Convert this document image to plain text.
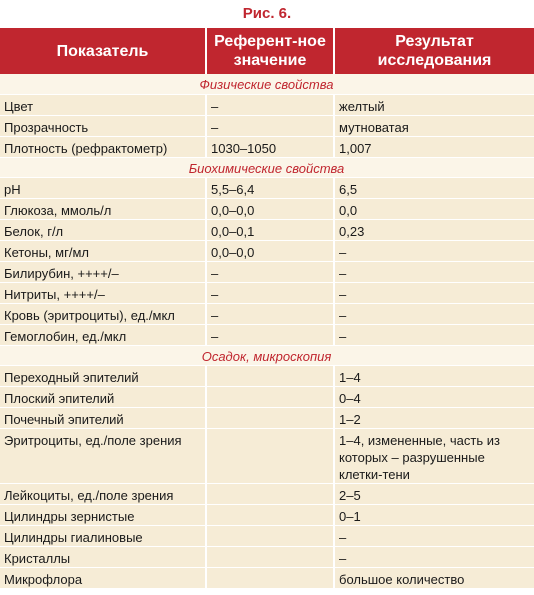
Рис. 6.
Показатель	Референт-ное значение	Результат исследования
Физические свойства		
Цвет	–	желтый
Прозрачность	–	мутноватая
Плотность (рефрактометр)	1030–1050	1,007
Биохимические свойства		
pH	5,5–6,4	6,5
Глюкоза, ммоль/л	0,0–0,0	0,0
Белок, г/л	0,0–0,1	0,23
Кетоны, мг/мл	0,0–0,0	–
Билирубин, ++++/–	–	–
Нитриты, ++++/–	–	–
Кровь (эритроциты), ед./мкл	–	–
Гемоглобин, ед./мкл	–	–
Осадок, микроскопия		
Переходный эпителий		1–4
Плоский эпителий		0–4
Почечный эпителий		1–2
Эритроциты, ед./поле зрения		1–4, измененные, часть из которых – разрушенные клетки-тени
Лейкоциты, ед./поле зрения		2–5
Цилиндры зернистые		0–1
Цилиндры гиалиновые		–
Кристаллы		–
Микрофлора		большое количество
